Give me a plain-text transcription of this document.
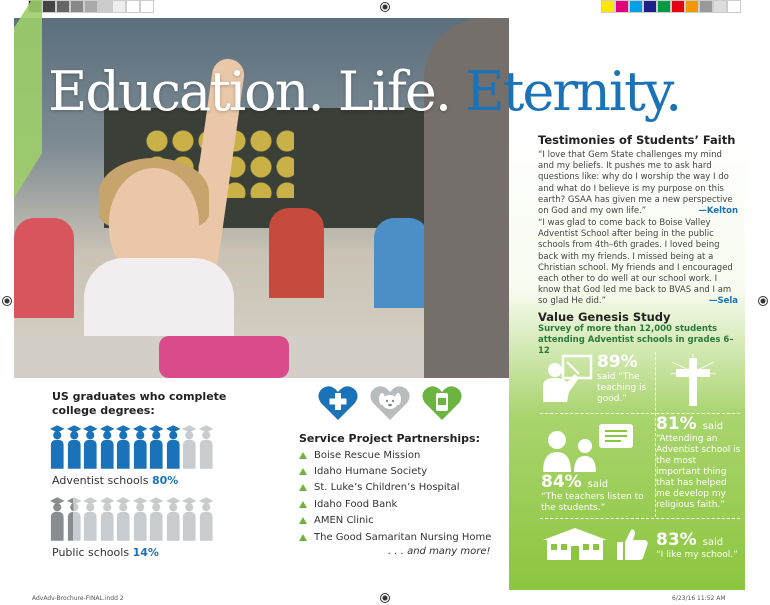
Education. Life. Eternity.
Testimonies of Students’ Faith
“I love that Gem State challenges my mind and my beliefs. It pushes me to ask hard questions like: why do I worship the way I do and what do I believe is my purpose on this earth? GSAA has given me a new perspective on God and my own life.”	—Kelton
“I was glad to come back to Boise Valley Adventist School after being in the public schools from 4th–6th grades. I loved being back with my friends. I missed being at a Christian school. My friends and I encouraged each other to do well at our school work. I know that God led me back to BVAS and I am so glad He did.”	—Sela
Value Genesis Study
Survey of more than 12,000 students attending Adventist schools in grades 6–12
89%
said “The teaching is good.”
81% said
“Attending an Adventist school is the most important thing that has helped me develop my religious faith.”
84% said
“The teachers listen to the students.”
83% said
“I like my school.”
US graduates who complete college degrees:
Adventist schools 80%
Public schools 14%
Service Project Partnerships:
Boise Rescue Mission
Idaho Humane Society
St. Luke’s Children’s Hospital
Idaho Food Bank
AMEN Clinic
The Good Samaritan Nursing Home
. . . and many more!
AdvAdv-Brochure-FINAL.indd 2	6/23/16 11:52 AM
